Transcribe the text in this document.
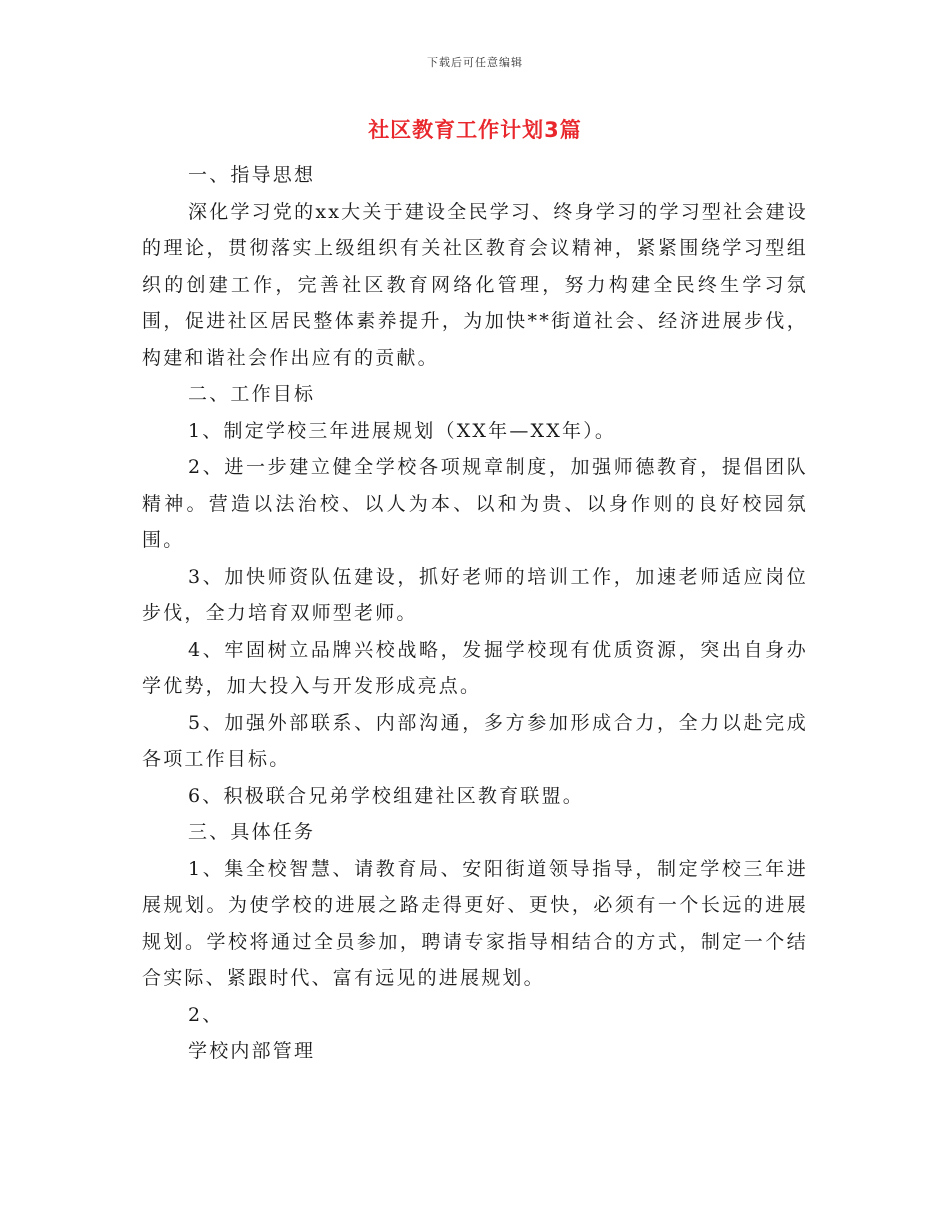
下载后可任意编辑
社区教育工作计划3篇

一、指导思想

深化学习党的xx大关于建设全民学习、终身学习的学习型社会建设的理论，贯彻落实上级组织有关社区教育会议精神，紧紧围绕学习型组织的创建工作，完善社区教育网络化管理，努力构建全民终生学习氛围，促进社区居民整体素养提升，为加快**街道社会、经济进展步伐，构建和谐社会作出应有的贡献。

二、工作目标

1、制定学校三年进展规划（XX年—XX年）。

2、进一步建立健全学校各项规章制度，加强师德教育，提倡团队精神。营造以法治校、以人为本、以和为贵、以身作则的良好校园氛围。

3、加快师资队伍建设，抓好老师的培训工作，加速老师适应岗位步伐，全力培育双师型老师。

4、牢固树立品牌兴校战略，发掘学校现有优质资源，突出自身办学优势，加大投入与开发形成亮点。

5、加强外部联系、内部沟通，多方参加形成合力，全力以赴完成各项工作目标。

6、积极联合兄弟学校组建社区教育联盟。

三、具体任务

1、集全校智慧、请教育局、安阳街道领导指导，制定学校三年进展规划。为使学校的进展之路走得更好、更快，必须有一个长远的进展规划。学校将通过全员参加，聘请专家指导相结合的方式，制定一个结合实际、紧跟时代、富有远见的进展规划。

2、

学校内部管理
